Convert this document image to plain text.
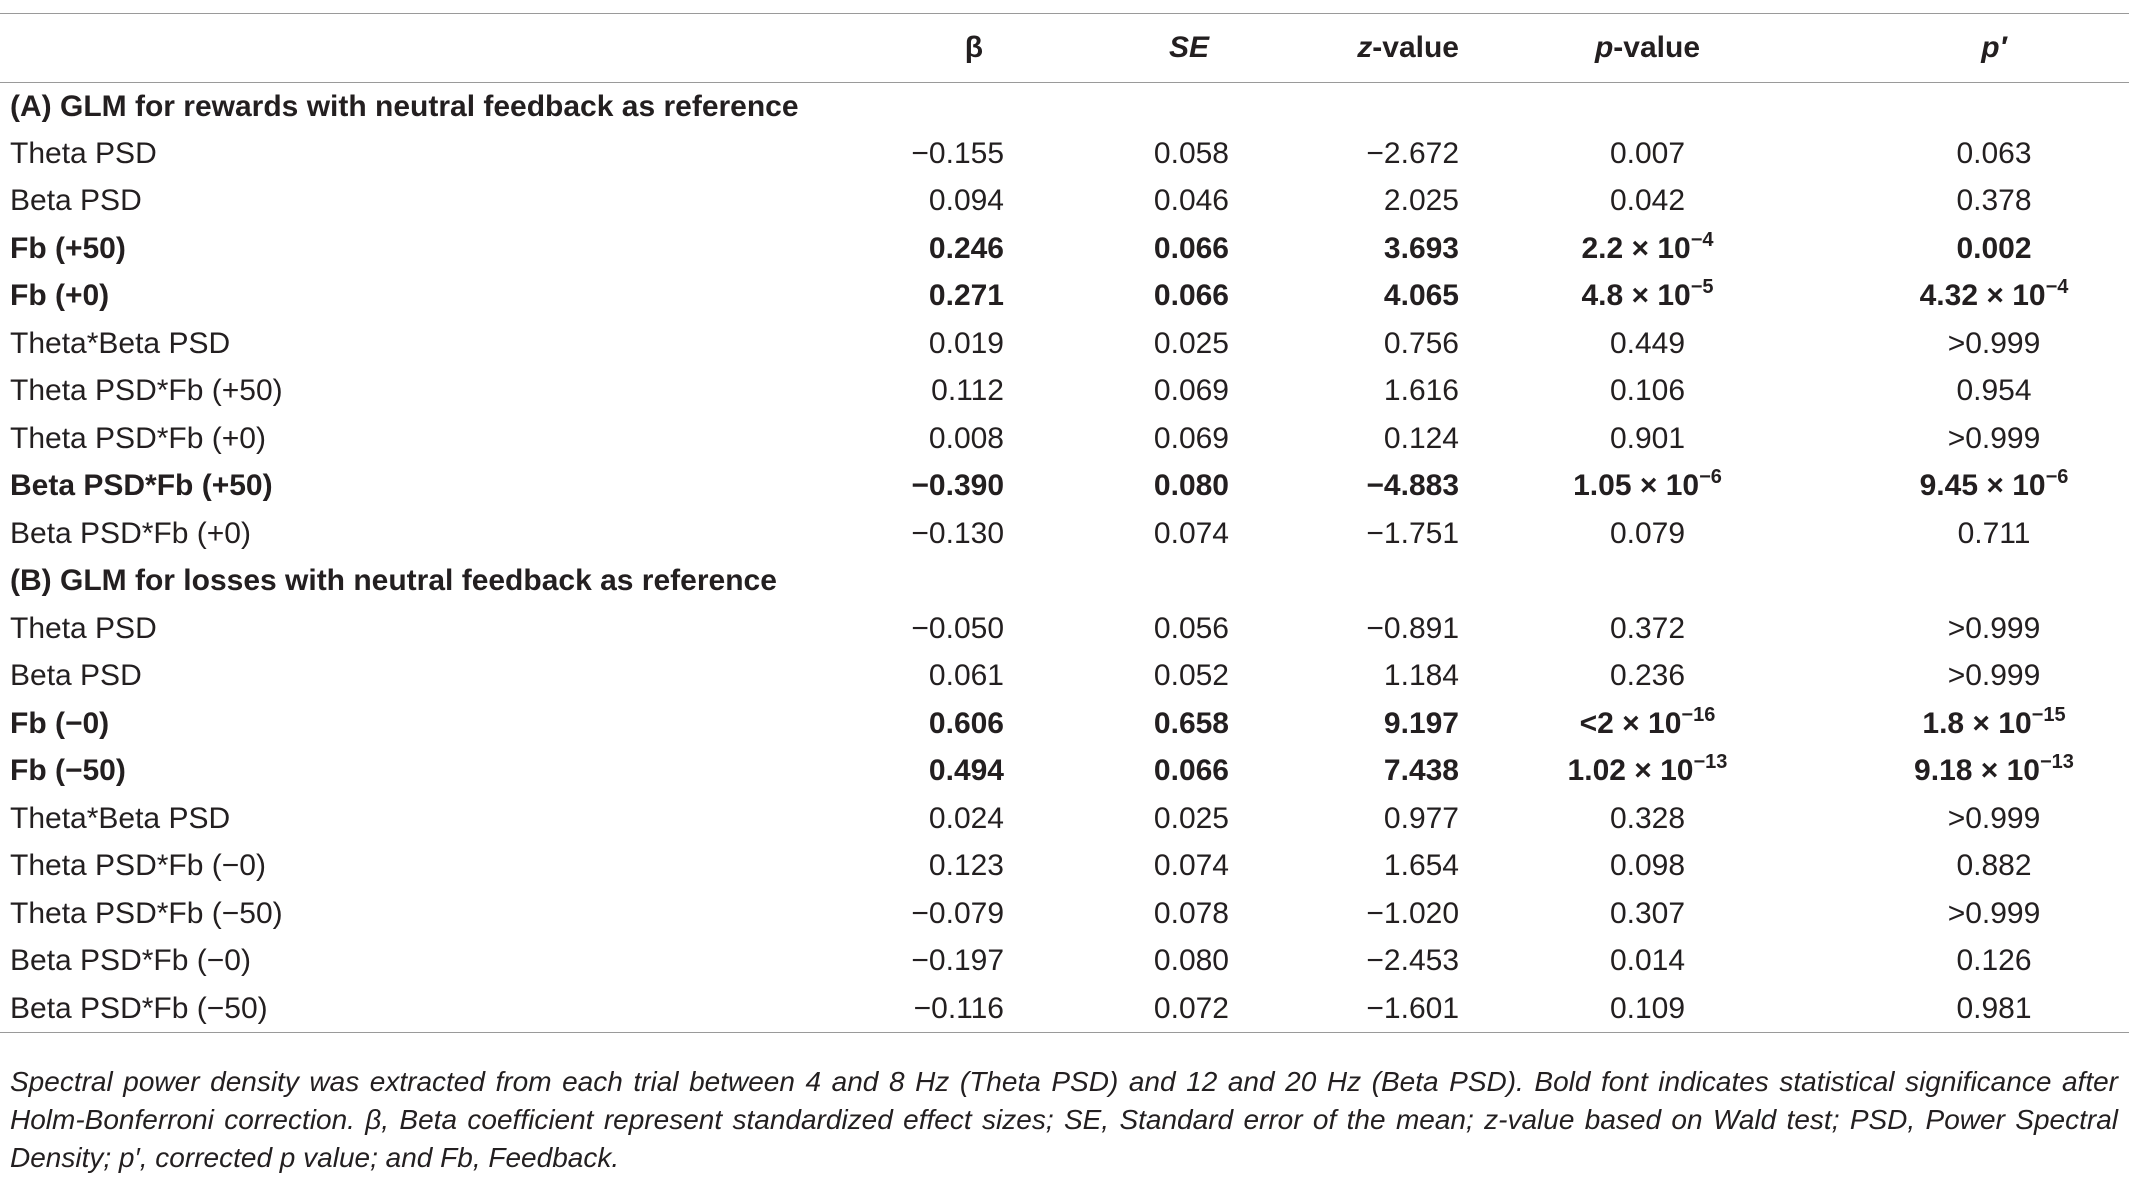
	β	SE	z-value	p-value	p′
(A) GLM for rewards with neutral feedback as reference					
Theta PSD	−0.155	0.058	−2.672	0.007	0.063
Beta PSD	0.094	0.046	2.025	0.042	0.378
Fb (+50)	0.246	0.066	3.693	$2.2 \times 10^{-4}$	0.002
Fb (+0)	0.271	0.066	4.065	$4.8 \times 10^{-5}$	$4.32 \times 10^{-4}$
Theta*Beta PSD	0.019	0.025	0.756	0.449	>0.999
Theta PSD*Fb (+50)	0.112	0.069	1.616	0.106	0.954
Theta PSD*Fb (+0)	0.008	0.069	0.124	0.901	>0.999
Beta PSD*Fb (+50)	−0.390	0.080	−4.883	$1.05 \times 10^{-6}$	$9.45 \times 10^{-6}$
Beta PSD*Fb (+0)	−0.130	0.074	−1.751	0.079	0.711
(B) GLM for losses with neutral feedback as reference					
Theta PSD	−0.050	0.056	−0.891	0.372	>0.999
Beta PSD	0.061	0.052	1.184	0.236	>0.999
Fb (−0)	0.606	0.658	9.197	$<2 \times 10^{-16}$	$1.8 \times 10^{-15}$
Fb (−50)	0.494	0.066	7.438	$1.02 \times 10^{-13}$	$9.18 \times 10^{-13}$
Theta*Beta PSD	0.024	0.025	0.977	0.328	>0.999
Theta PSD*Fb (−0)	0.123	0.074	1.654	0.098	0.882
Theta PSD*Fb (−50)	−0.079	0.078	−1.020	0.307	>0.999
Beta PSD*Fb (−0)	−0.197	0.080	−2.453	0.014	0.126
Beta PSD*Fb (−50)	−0.116	0.072	−1.601	0.109	0.981
Spectral power density was extracted from each trial between 4 and 8 Hz (Theta PSD) and 12 and 20 Hz (Beta PSD). Bold font indicates statistical significance after Holm-Bonferroni correction. β, Beta coefficient represent standardized effect sizes; SE, Standard error of the mean; z-value based on Wald test; PSD, Power Spectral Density; p′, corrected p value; and Fb, Feedback.
